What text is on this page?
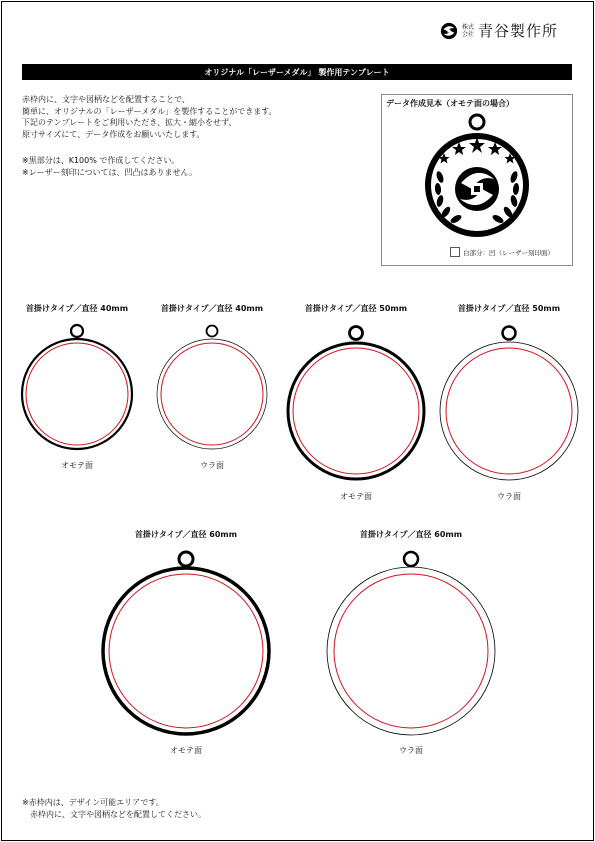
株式
会社 青谷製作所
オリジナル「レーザーメダル」 製作用テンプレート
赤枠内に、文字や図柄などを配置することで、
簡単に、オリジナルの「レーザーメダル」を製作することができます。
下記のテンプレートをご利用いただき、拡大・縮小をせず、
原寸サイズにて、データ作成をお願いいたします。
※黒部分は、K100% で作成してください。
※レーザー刻印については、凹凸はありません。
データ作成見本（オモテ面の場合）
白部分：凹（レーザー刻印面）
首掛けタイプ／直径 40mm	首掛けタイプ／直径 40mm	首掛けタイプ／直径 50mm	首掛けタイプ／直径 50mm
首掛けタイプ／直径 60mm	首掛けタイプ／直径 60mm
オモテ面	ウラ面
オモテ面	ウラ面
オモテ面	ウラ面
※赤枠内は、デザイン可能エリアです。
　赤枠内に、文字や図柄などを配置してください。
